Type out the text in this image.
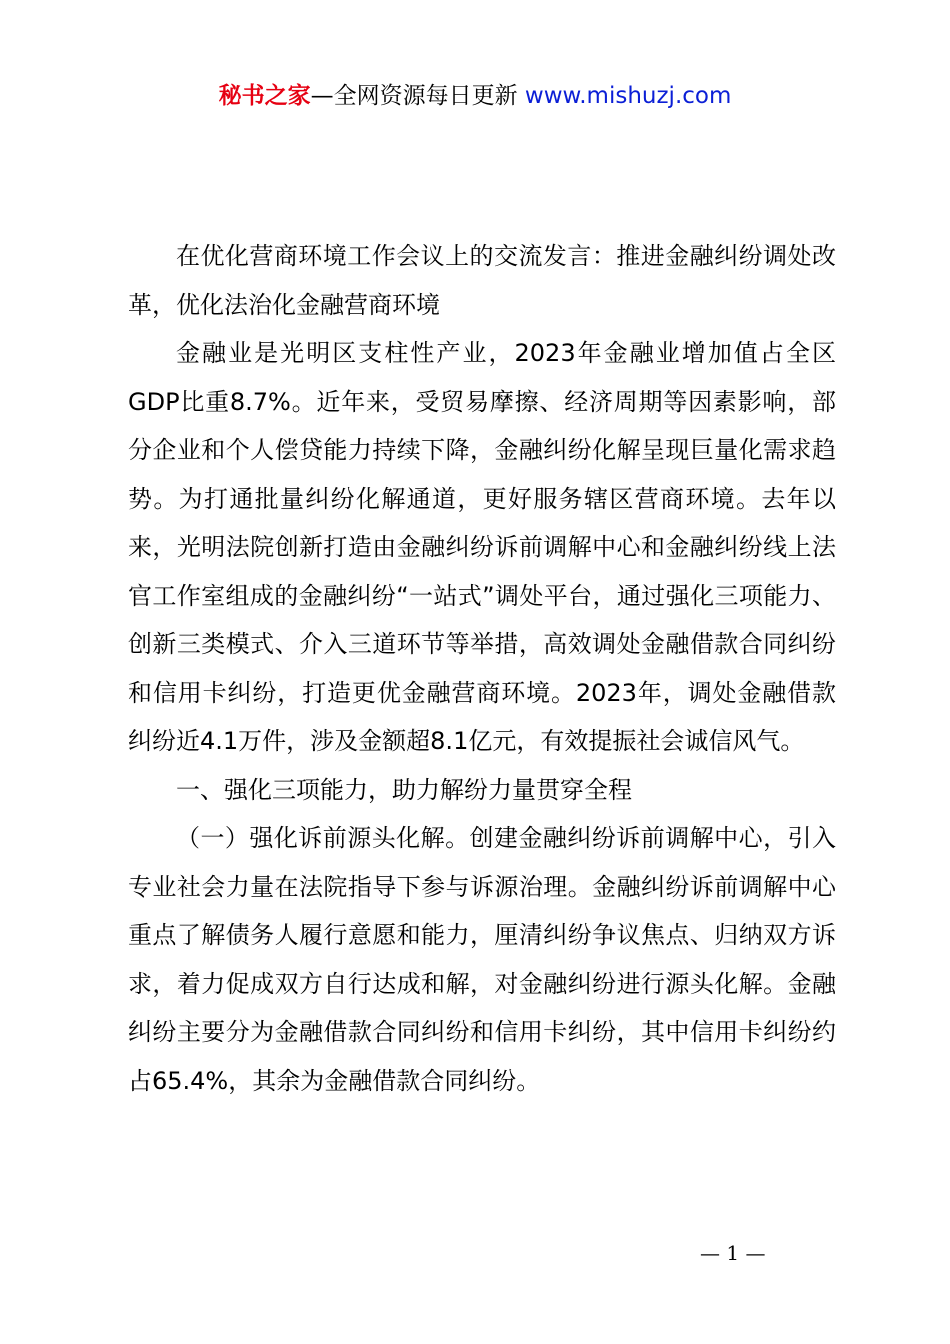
秘书之家—全网资源每日更新 www.mishuzj.com

在优化营商环境工作会议上的交流发言：推进金融纠纷调处改革，优化法治化金融营商环境

金融业是光明区支柱性产业，2023年金融业增加值占全区GDP比重8.7%。近年来，受贸易摩擦、经济周期等因素影响，部分企业和个人偿贷能力持续下降，金融纠纷化解呈现巨量化需求趋势。为打通批量纠纷化解通道，更好服务辖区营商环境。去年以来，光明法院创新打造由金融纠纷诉前调解中心和金融纠纷线上法官工作室组成的金融纠纷“一站式”调处平台，通过强化三项能力、创新三类模式、介入三道环节等举措，高效调处金融借款合同纠纷和信用卡纠纷，打造更优金融营商环境。2023年，调处金融借款纠纷近4.1万件，涉及金额超8.1亿元，有效提振社会诚信风气。

一、强化三项能力，助力解纷力量贯穿全程

（一）强化诉前源头化解。创建金融纠纷诉前调解中心，引入专业社会力量在法院指导下参与诉源治理。金融纠纷诉前调解中心重点了解债务人履行意愿和能力，厘清纠纷争议焦点、归纳双方诉求，着力促成双方自行达成和解，对金融纠纷进行源头化解。金融纠纷主要分为金融借款合同纠纷和信用卡纠纷，其中信用卡纠纷约占65.4%，其余为金融借款合同纠纷。

— 1 —
